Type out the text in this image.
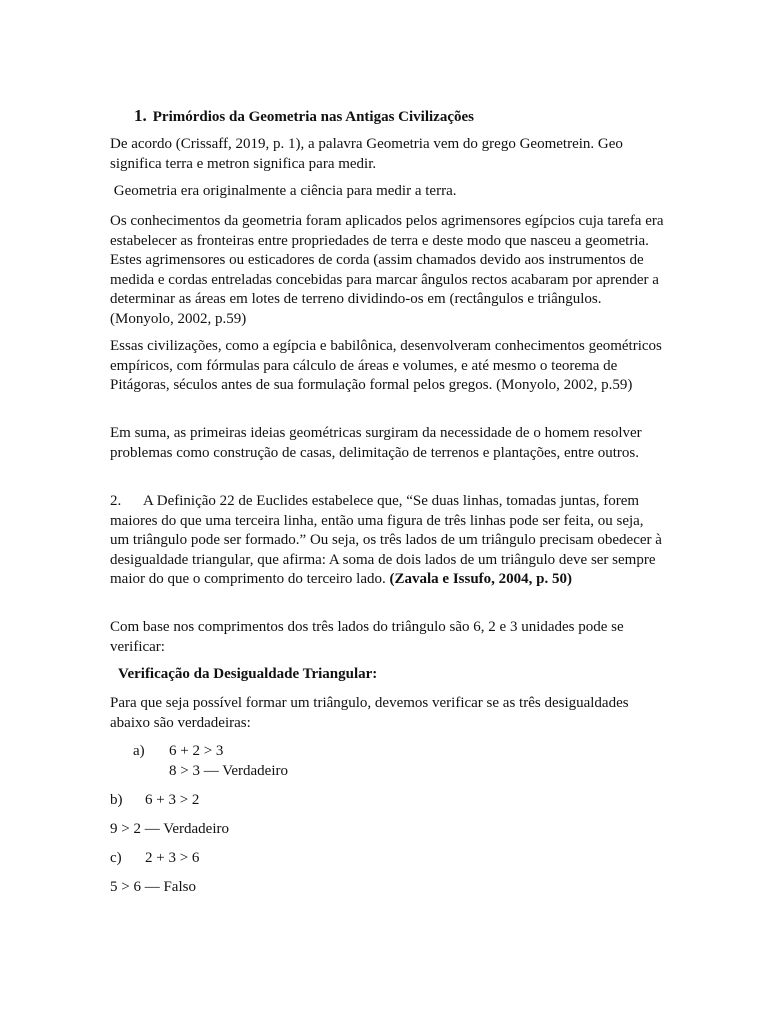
1. Primórdios da Geometria nas Antigas Civilizações

De acordo (Crissaff, 2019, p. 1), a palavra Geometria vem do grego Geometrein. Geo significa terra e metron significa para medir.

Geometria era originalmente a ciência para medir a terra.

Os conhecimentos da geometria foram aplicados pelos agrimensores egípcios cuja tarefa era estabelecer as fronteiras entre propriedades de terra e deste modo que nasceu a geometria. Estes agrimensores ou esticadores de corda (assim chamados devido aos instrumentos de medida e cordas entreladas concebidas para marcar ângulos rectos acabaram por aprender a determinar as áreas em lotes de terreno dividindo-os em (rectângulos e triângulos. (Monyolo, 2002, p.59)

Essas civilizações, como a egípcia e babilônica, desenvolveram conhecimentos geométricos empíricos, com fórmulas para cálculo de áreas e volumes, e até mesmo o teorema de Pitágoras, séculos antes de sua formulação formal pelos gregos. (Monyolo, 2002, p.59)

Em suma, as primeiras ideias geométricas surgiram da necessidade de o homem resolver problemas como construção de casas, delimitação de terrenos e plantações, entre outros.

2. A Definição 22 de Euclides estabelece que, “Se duas linhas, tomadas juntas, forem maiores do que uma terceira linha, então uma figura de três linhas pode ser feita, ou seja, um triângulo pode ser formado.” Ou seja, os três lados de um triângulo precisam obedecer à desigualdade triangular, que afirma: A soma de dois lados de um triângulo deve ser sempre maior do que o comprimento do terceiro lado. (Zavala e Issufo, 2004, p. 50)

Com base nos comprimentos dos três lados do triângulo são 6, 2 e 3 unidades pode se verificar:

Verificação da Desigualdade Triangular:

Para que seja possível formar um triângulo, devemos verificar se as três desigualdades abaixo são verdadeiras:

a) 6 + 2 > 3
8 > 3 — Verdadeiro
b) 6 + 3 > 2
9 > 2 — Verdadeiro
c) 2 + 3 > 6
5 > 6 — Falso
